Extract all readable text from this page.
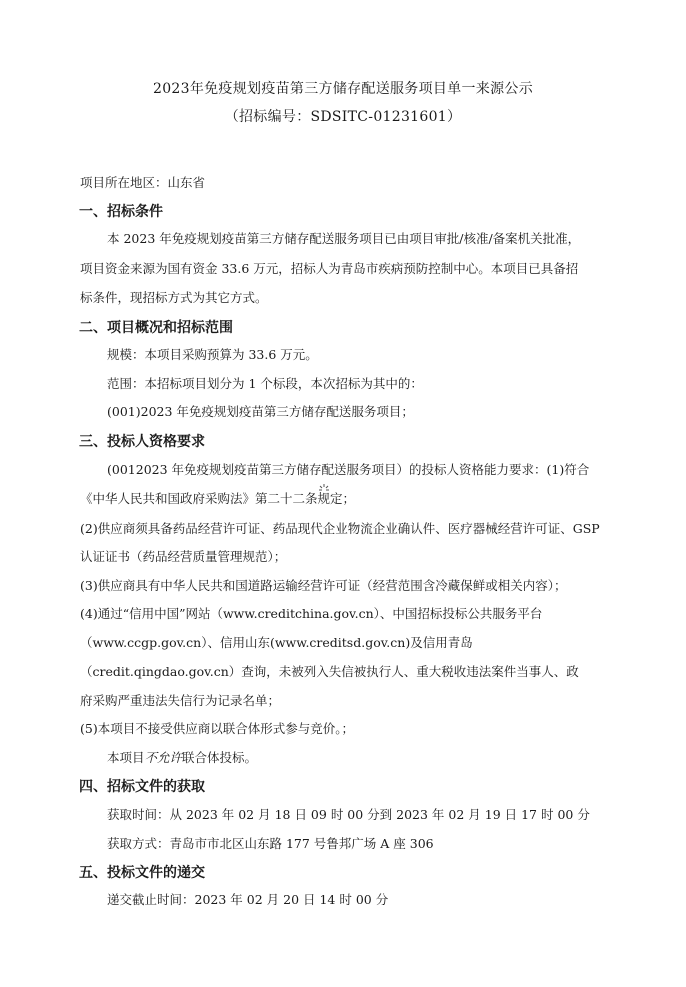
2023年免疫规划疫苗第三方储存配送服务项目单一来源公示
（招标编号：SDSITC-01231601）
项目所在地区：山东省
一、招标条件
本 2023 年免疫规划疫苗第三方储存配送服务项目已由项目审批/核准/备案机关批准，
项目资金来源为国有资金 33.6 万元，招标人为青岛市疾病预防控制中心。本项目已具备招
标条件，现招标方式为其它方式。
二、项目概况和招标范围
规模：本项目采购预算为 33.6 万元。
范围：本招标项目划分为 1 个标段，本次招标为其中的：
(001)2023 年免疫规划疫苗第三方储存配送服务项目；
三、投标人资格要求
(0012023 年免疫规划疫苗第三方储存配送服务项目）的投标人资格能力要求：(1)符合
《中华人民共和国政府采购法》第二十二条规定；
(2)供应商须具备药品经营许可证、药品现代企业物流企业确认件、医疗器械经营许可证、GSP
认证证书（药品经营质量管理规范）；
(3)供应商具有中华人民共和国道路运输经营许可证（经营范围含冷藏保鲜或相关内容）；
(4)通过“信用中国”网站（www.creditchina.gov.cn）、中国招标投标公共服务平台
（www.ccgp.gov.cn）、信用山东(www.creditsd.gov.cn)及信用青岛
（credit.qingdao.gov.cn）查询，未被列入失信被执行人、重大税收违法案件当事人、政
府采购严重违法失信行为记录名单；
(5)本项目不接受供应商以联合体形式参与竞价。；
本项目不允许联合体投标。
四、招标文件的获取
获取时间：从 2023 年 02 月 18 日 09 时 00 分到 2023 年 02 月 19 日 17 时 00 分
获取方式：青岛市市北区山东路 177 号鲁邦广场 A 座 306
五、投标文件的递交
递交截止时间：2023 年 02 月 20 日 14 时 00 分
